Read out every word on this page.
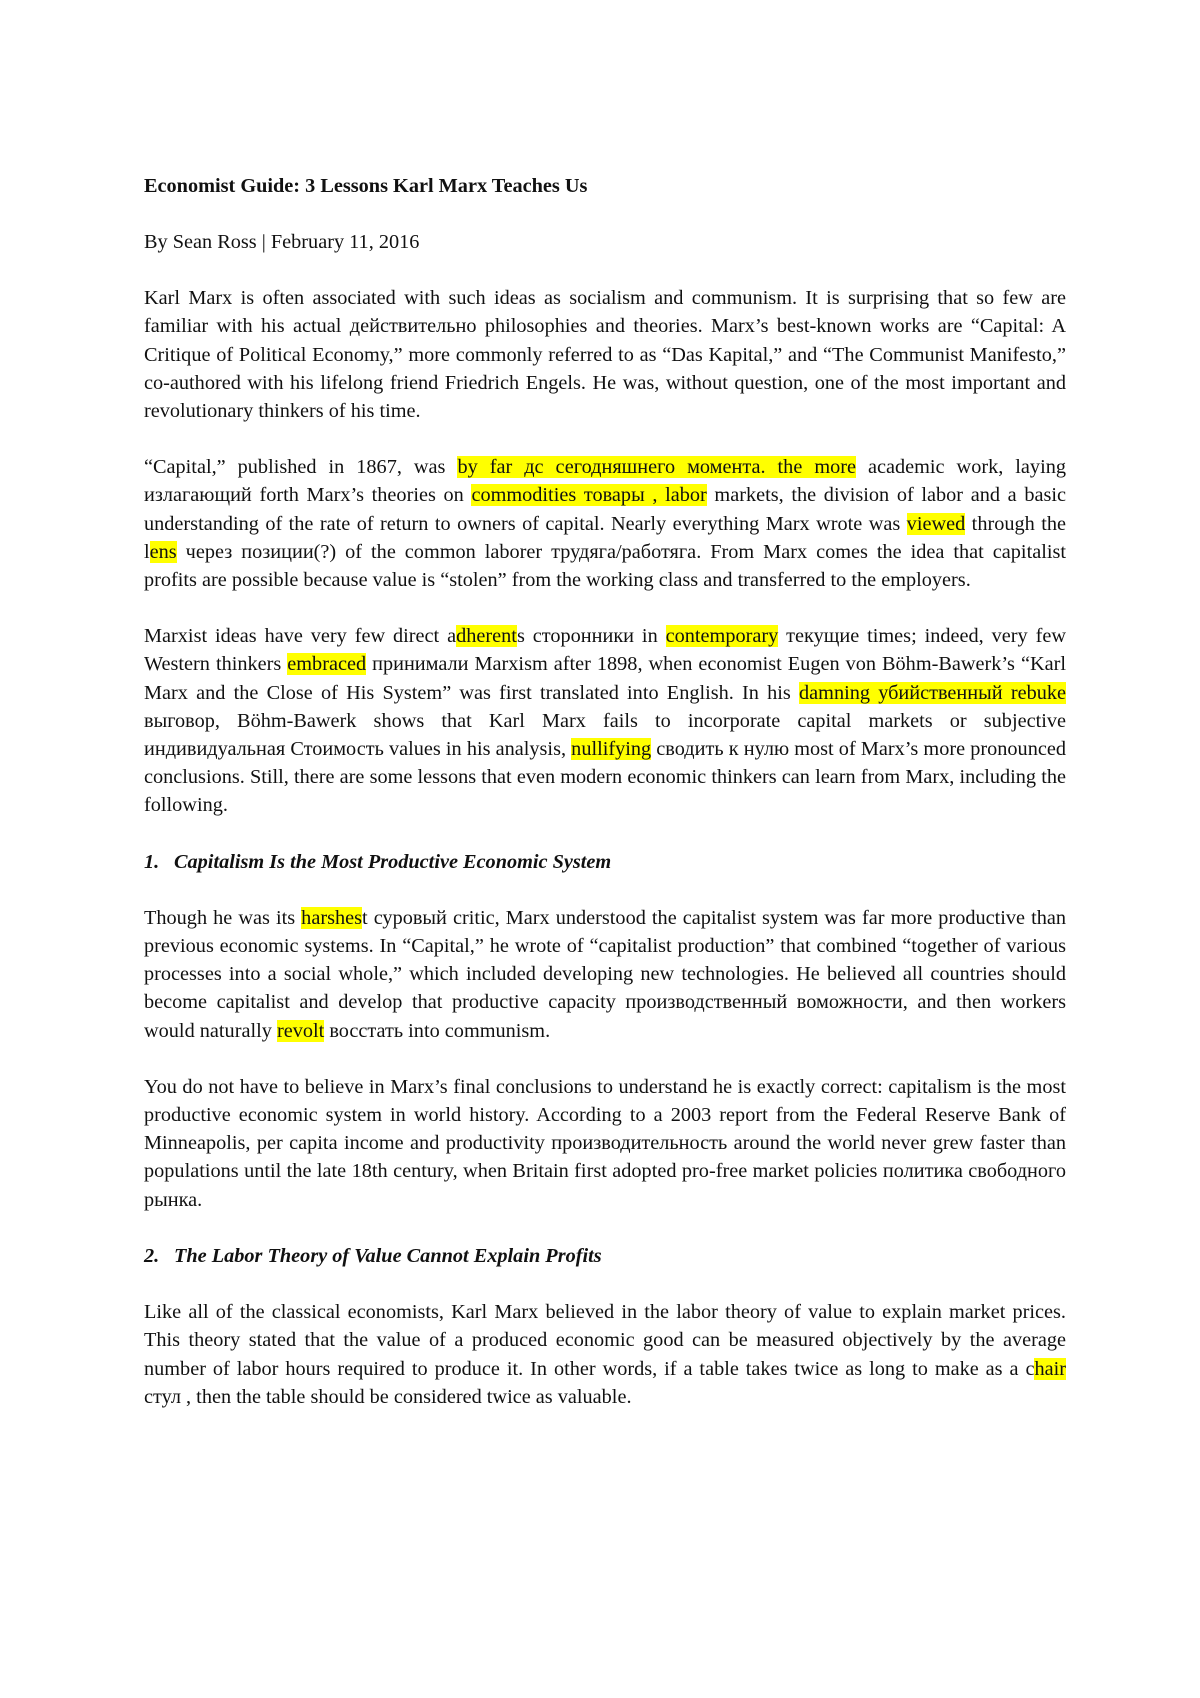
Economist Guide: 3 Lessons Karl Marx Teaches Us
By Sean Ross | February 11, 2016

Karl Marx is often associated with such ideas as socialism and communism. It is surprising that so few are familiar with his actual действительно philosophies and theories. Marx’s best-known works are “Capital: A Critique of Political Economy,” more commonly referred to as “Das Kapital,” and “The Communist Manifesto,” co-authored with his lifelong friend Friedrich Engels. He was, without question, one of the most important and revolutionary thinkers of his time.

“Capital,” published in 1867, was by far дс сегодняшнего момента. the more academic work, laying излагающий forth Marx’s theories on commodities товары , labor markets, the division of labor and a basic understanding of the rate of return to owners of capital. Nearly everything Marx wrote was viewed through the lens через позиции(?) of the common laborer трудяга/работяга. From Marx comes the idea that capitalist profits are possible because value is “stolen” from the working class and transferred to the employers.

Marxist ideas have very few direct adherents сторонники in contemporary текущие times; indeed, very few Western thinkers embraced принимали Marxism after 1898, when economist Eugen von Böhm-Bawerk’s “Karl Marx and the Close of His System” was first translated into English. In his damning убийственный rebuke выговор, Böhm-Bawerk shows that Karl Marx fails to incorporate capital markets or subjective индивидуальная Стоимость values in his analysis, nullifying сводить к нулю most of Marx’s more pronounced conclusions. Still, there are some lessons that even modern economic thinkers can learn from Marx, including the following.

1. Capitalism Is the Most Productive Economic System

Though he was its harshest суровый critic, Marx understood the capitalist system was far more productive than previous economic systems. In “Capital,” he wrote of “capitalist production” that combined “together of various processes into a social whole,” which included developing new technologies. He believed all countries should become capitalist and develop that productive capacity производственный воможности, and then workers would naturally revolt восстать into communism.

You do not have to believe in Marx’s final conclusions to understand he is exactly correct: capitalism is the most productive economic system in world history. According to a 2003 report from the Federal Reserve Bank of Minneapolis, per capita income and productivity производительность around the world never grew faster than populations until the late 18th century, when Britain first adopted pro-free market policies политика свободного рынка.

2. The Labor Theory of Value Cannot Explain Profits

Like all of the classical economists, Karl Marx believed in the labor theory of value to explain market prices. This theory stated that the value of a produced economic good can be measured objectively by the average number of labor hours required to produce it. In other words, if a table takes twice as long to make as a chair стул , then the table should be considered twice as valuable.
